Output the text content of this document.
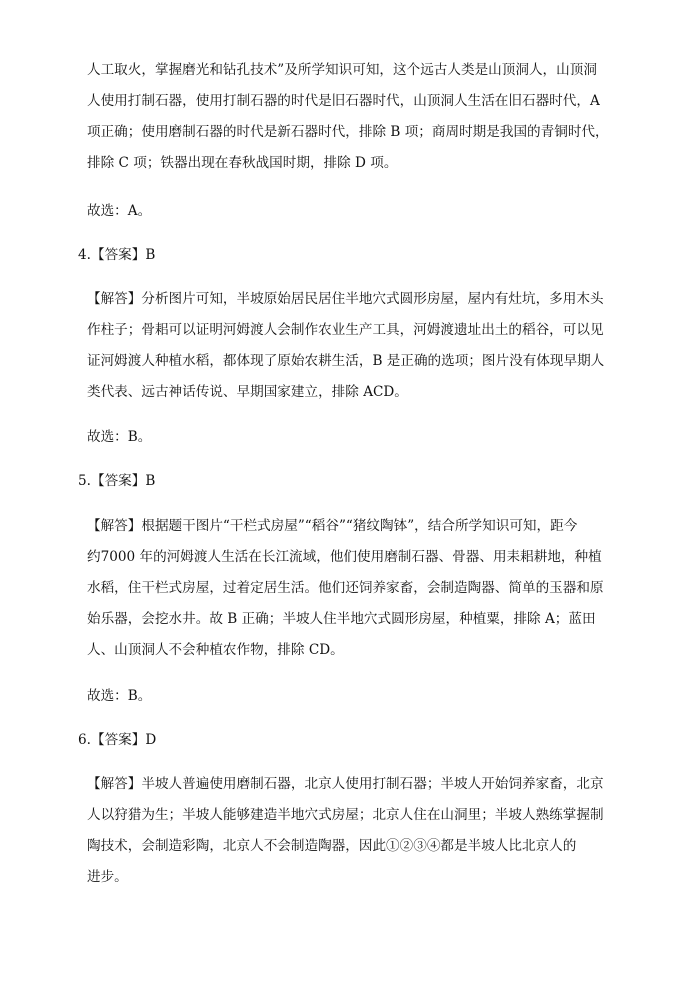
人工取火，掌握磨光和钻孔技术”及所学知识可知，这个远古人类是山顶洞人，山顶洞
人使用打制石器，使用打制石器的时代是旧石器时代，山顶洞人生活在旧石器时代，A
项正确；使用磨制石器的时代是新石器时代，排除 B 项；商周时期是我国的青铜时代，
排除 C 项；铁器出现在春秋战国时期，排除 D 项。
故选：A。
4.【答案】B
【解答】分析图片可知，半坡原始居民居住半地穴式圆形房屋，屋内有灶坑，多用木头
作柱子；骨耜可以证明河姆渡人会制作农业生产工具，河姆渡遗址出土的稻谷，可以见
证河姆渡人种植水稻，都体现了原始农耕生活，B 是正确的选项；图片没有体现早期人
类代表、远古神话传说、早期国家建立，排除 ACD。
故选：B。
5.【答案】B
【解答】根据题干图片“干栏式房屋”“稻谷”“猪纹陶钵”，结合所学知识可知，距今
约7000 年的河姆渡人生活在长江流域，他们使用磨制石器、骨器、用耒耜耕地，种植
水稻，住干栏式房屋，过着定居生活。他们还饲养家畜，会制造陶器、简单的玉器和原
始乐器，会挖水井。故 B 正确；半坡人住半地穴式圆形房屋，种植粟，排除 A；蓝田
人、山顶洞人不会种植农作物，排除 CD。
故选：B。
6.【答案】D
【解答】半坡人普遍使用磨制石器，北京人使用打制石器；半坡人开始饲养家畜，北京
人以狩猎为生；半坡人能够建造半地穴式房屋；北京人住在山洞里；半坡人熟练掌握制
陶技术，会制造彩陶，北京人不会制造陶器，因此①②③④都是半坡人比北京人的
进步。
